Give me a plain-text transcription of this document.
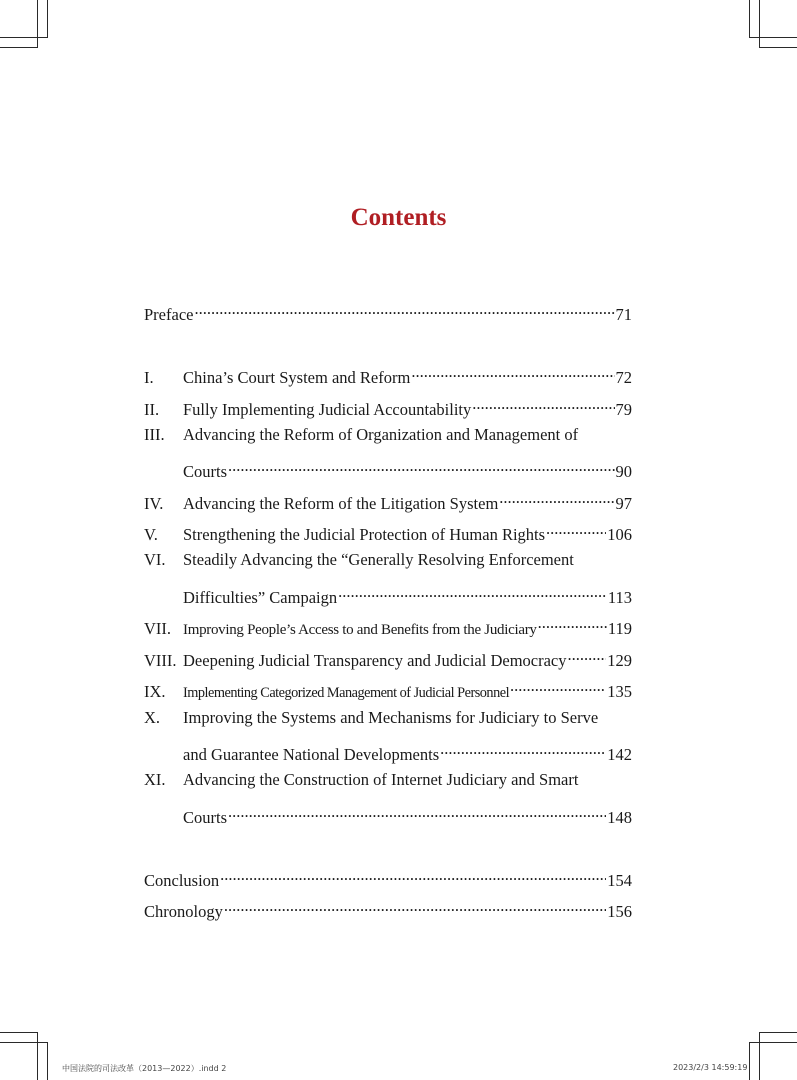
Contents
Preface .....	71
I.	China’s Court System and Reform .....	72
II.	Fully Implementing Judicial Accountability .....	79
III.	Advancing the Reform of Organization and Management of
Courts .....	90
IV.	Advancing the Reform of the Litigation System .....	97
V.	Strengthening the Judicial Protection of Human Rights .....	106
VI.	Steadily Advancing the “Generally Resolving Enforcement
Difficulties” Campaign .....	113
VII. Improving People’s Access to and Benefits from the Judiciary .....	119
VIII. Deepening Judicial Transparency and Judicial Democracy ..... 129
IX.	Implementing Categorized Management of Judicial Personnel .....	135
X.	Improving the Systems and Mechanisms for Judiciary to Serve
and Guarantee National Developments .....	142
XI.	Advancing the Construction of Internet Judiciary and Smart
Courts .....	148
Conclusion .....	154
Chronology .....	156
中国法院的司法改革（2013—2022）.indd 2	2023/2/3 14:59:19
